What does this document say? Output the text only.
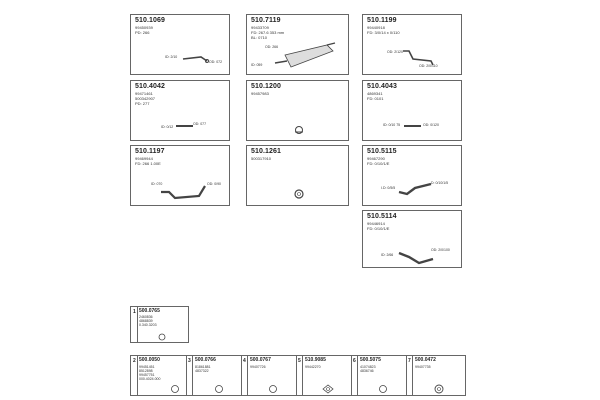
510.1069
99450939
PD: 266
ID: 2/10
OD: 072
510.7119
99433709
FD: 267.6 353 mm
BL: 0710
OD: 266
ID: 059
510.1199
99440918
FD: 3/0/14 x 0/110
OD: 2/120
OD: 2/0/110
510.4042
99471461
500342907
PD: 277
ID: 0/12
OD: 077
510.1200
99457983
510.4043
4869341
FD: 0101
ID: 0/10 75	OD: 0/120
510.1197
99469944
FD: 266 1.00E
ID: 070	OD: 0/90
510.1261
500317910
510.5115
99467290
FD: 0/10/1/E
I.D: 0/5/5
D: 0/10/1/5
510.5114
99446914
FD: 0/10/1/E
ID: 2/66
OD: 2/0/100
1 500.0765
2460836
4868839
0.340.3203
2 500.0050
99451451
8512898
99457751
000.4024.000
3 500.0766
81861881
4837322
4 500.0767
99407726
5 510.9085
99442270
6 500.5075
41074823
4836746
7 500.0472
99407735
